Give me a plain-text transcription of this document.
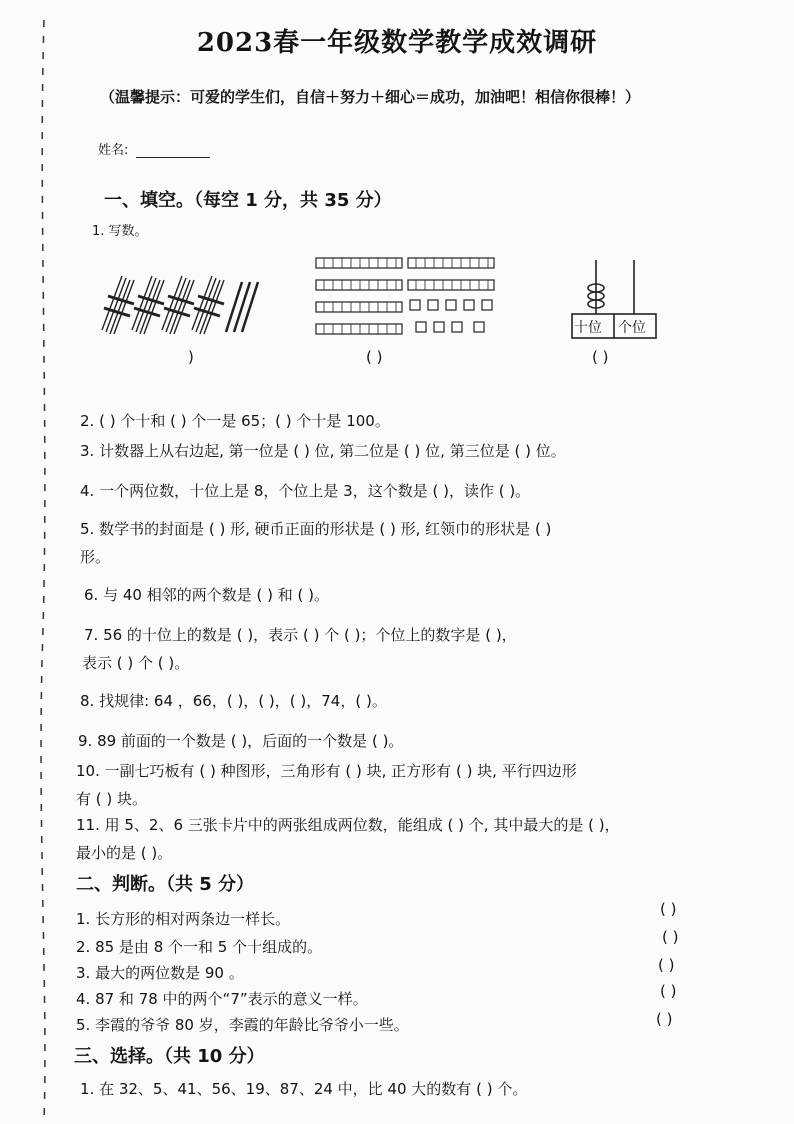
2023春一年级数学教学成效调研
（温馨提示：可爱的学生们，自信＋努力＋细心＝成功，加油吧！相信你很棒！）
姓名:
一、填空。（每空 1 分，共 35 分）
1. 写数。
)	( )
十位 个位
( )
2. ( ) 个十和 ( ) 个一是 65；( ) 个十是 100。
3. 计数器上从右边起, 第一位是 ( ) 位, 第二位是 ( ) 位, 第三位是 ( ) 位。
4. 一个两位数，十位上是 8，个位上是 3，这个数是 ( )，读作 ( )。
5. 数学书的封面是 ( ) 形, 硬币正面的形状是 ( ) 形, 红领巾的形状是 ( )
形。
6. 与 40 相邻的两个数是 ( ) 和 ( )。
7. 56 的十位上的数是 ( )，表示 ( ) 个 ( )；个位上的数字是 ( )，
表示 ( ) 个 ( )。
8. 找规律: 64 ，66，( )，( )，( )，74，( )。
9. 89 前面的一个数是 ( )，后面的一个数是 ( )。
10. 一副七巧板有 ( ) 种图形，三角形有 ( ) 块, 正方形有 ( ) 块, 平行四边形
有 ( ) 块。
11. 用 5、2、6 三张卡片中的两张组成两位数，能组成 ( ) 个, 其中最大的是 ( )，
最小的是 ( )。
二、判断。（共 5 分）
1. 长方形的相对两条边一样长。
2. 85 是由 8 个一和 5 个十组成的。
3. 最大的两位数是 90 。
4. 87 和 78 中的两个“7”表示的意义一样。
5. 李霞的爷爷 80 岁，李霞的年龄比爷爷小一些。
( )
( )
( )
( )
( )
三、选择。（共 10 分）
1. 在 32、5、41、56、19、87、24 中，比 40 大的数有 ( ) 个。
